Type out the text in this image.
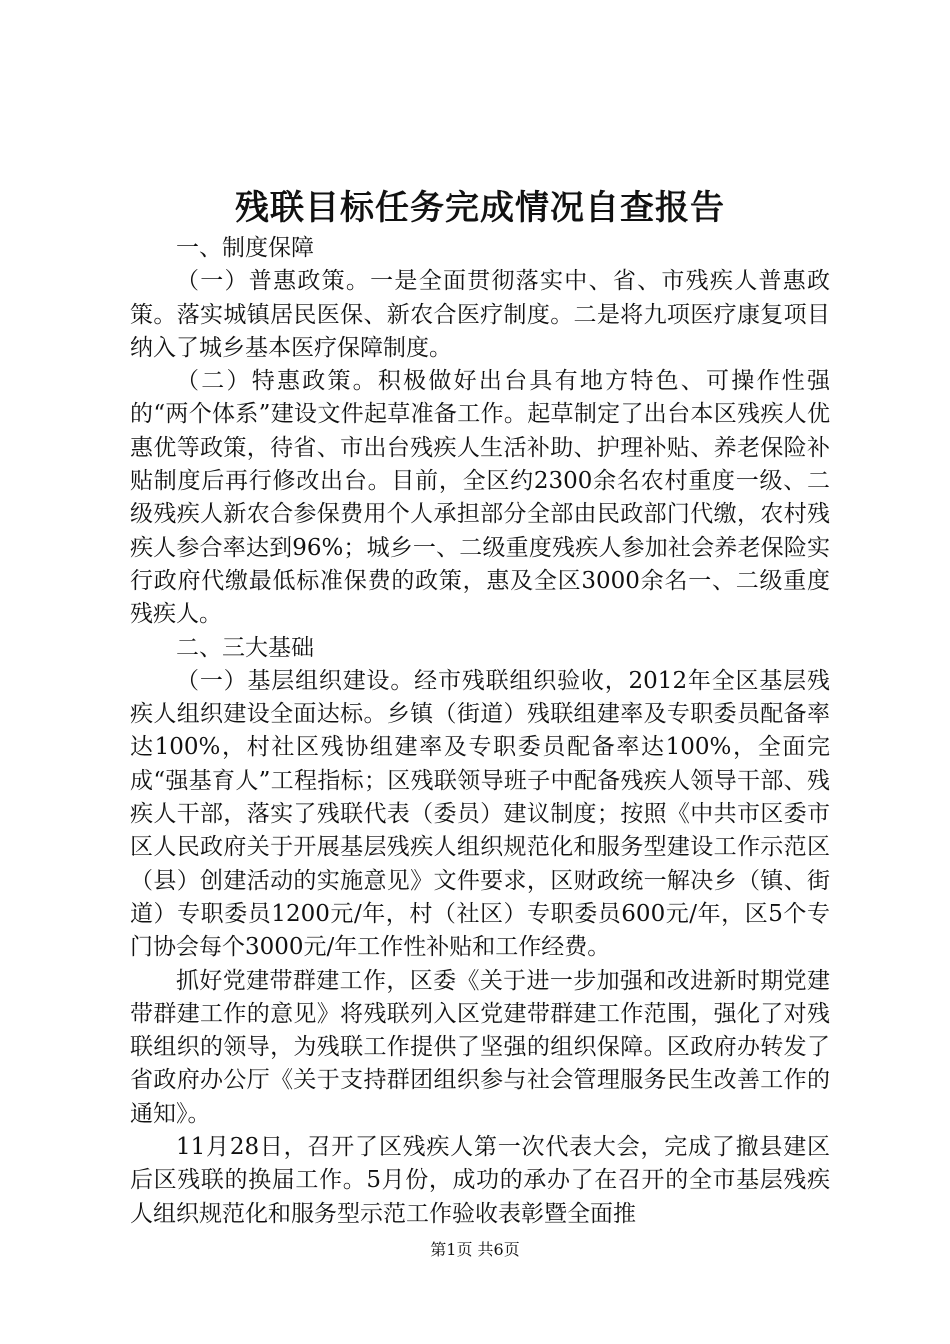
残联目标任务完成情况自查报告

一、制度保障

（一）普惠政策。一是全面贯彻落实中、省、市残疾人普惠政策。落实城镇居民医保、新农合医疗制度。二是将九项医疗康复项目纳入了城乡基本医疗保障制度。

（二）特惠政策。积极做好出台具有地方特色、可操作性强的“两个体系”建设文件起草准备工作。起草制定了出台本区残疾人优惠优等政策，待省、市出台残疾人生活补助、护理补贴、养老保险补贴制度后再行修改出台。目前，全区约2300余名农村重度一级、二级残疾人新农合参保费用个人承担部分全部由民政部门代缴，农村残疾人参合率达到96%；城乡一、二级重度残疾人参加社会养老保险实行政府代缴最低标准保费的政策，惠及全区3000余名一、二级重度残疾人。

二、三大基础

（一）基层组织建设。经市残联组织验收，2012年全区基层残疾人组织建设全面达标。乡镇（街道）残联组建率及专职委员配备率达100%，村社区残协组建率及专职委员配备率达100%，全面完成“强基育人”工程指标；区残联领导班子中配备残疾人领导干部、残疾人干部，落实了残联代表（委员）建议制度；按照《中共市区委市区人民政府关于开展基层残疾人组织规范化和服务型建设工作示范区（县）创建活动的实施意见》文件要求，区财政统一解决乡（镇、街道）专职委员1200元/年，村（社区）专职委员600元/年，区5个专门协会每个3000元/年工作性补贴和工作经费。

抓好党建带群建工作，区委《关于进一步加强和改进新时期党建带群建工作的意见》将残联列入区党建带群建工作范围，强化了对残联组织的领导，为残联工作提供了坚强的组织保障。区政府办转发了省政府办公厅《关于支持群团组织参与社会管理服务民生改善工作的通知》。

11月28日，召开了区残疾人第一次代表大会，完成了撤县建区后区残联的换届工作。5月份，成功的承办了在召开的全市基层残疾人组织规范化和服务型示范工作验收表彰暨全面推

第1页 共6页
